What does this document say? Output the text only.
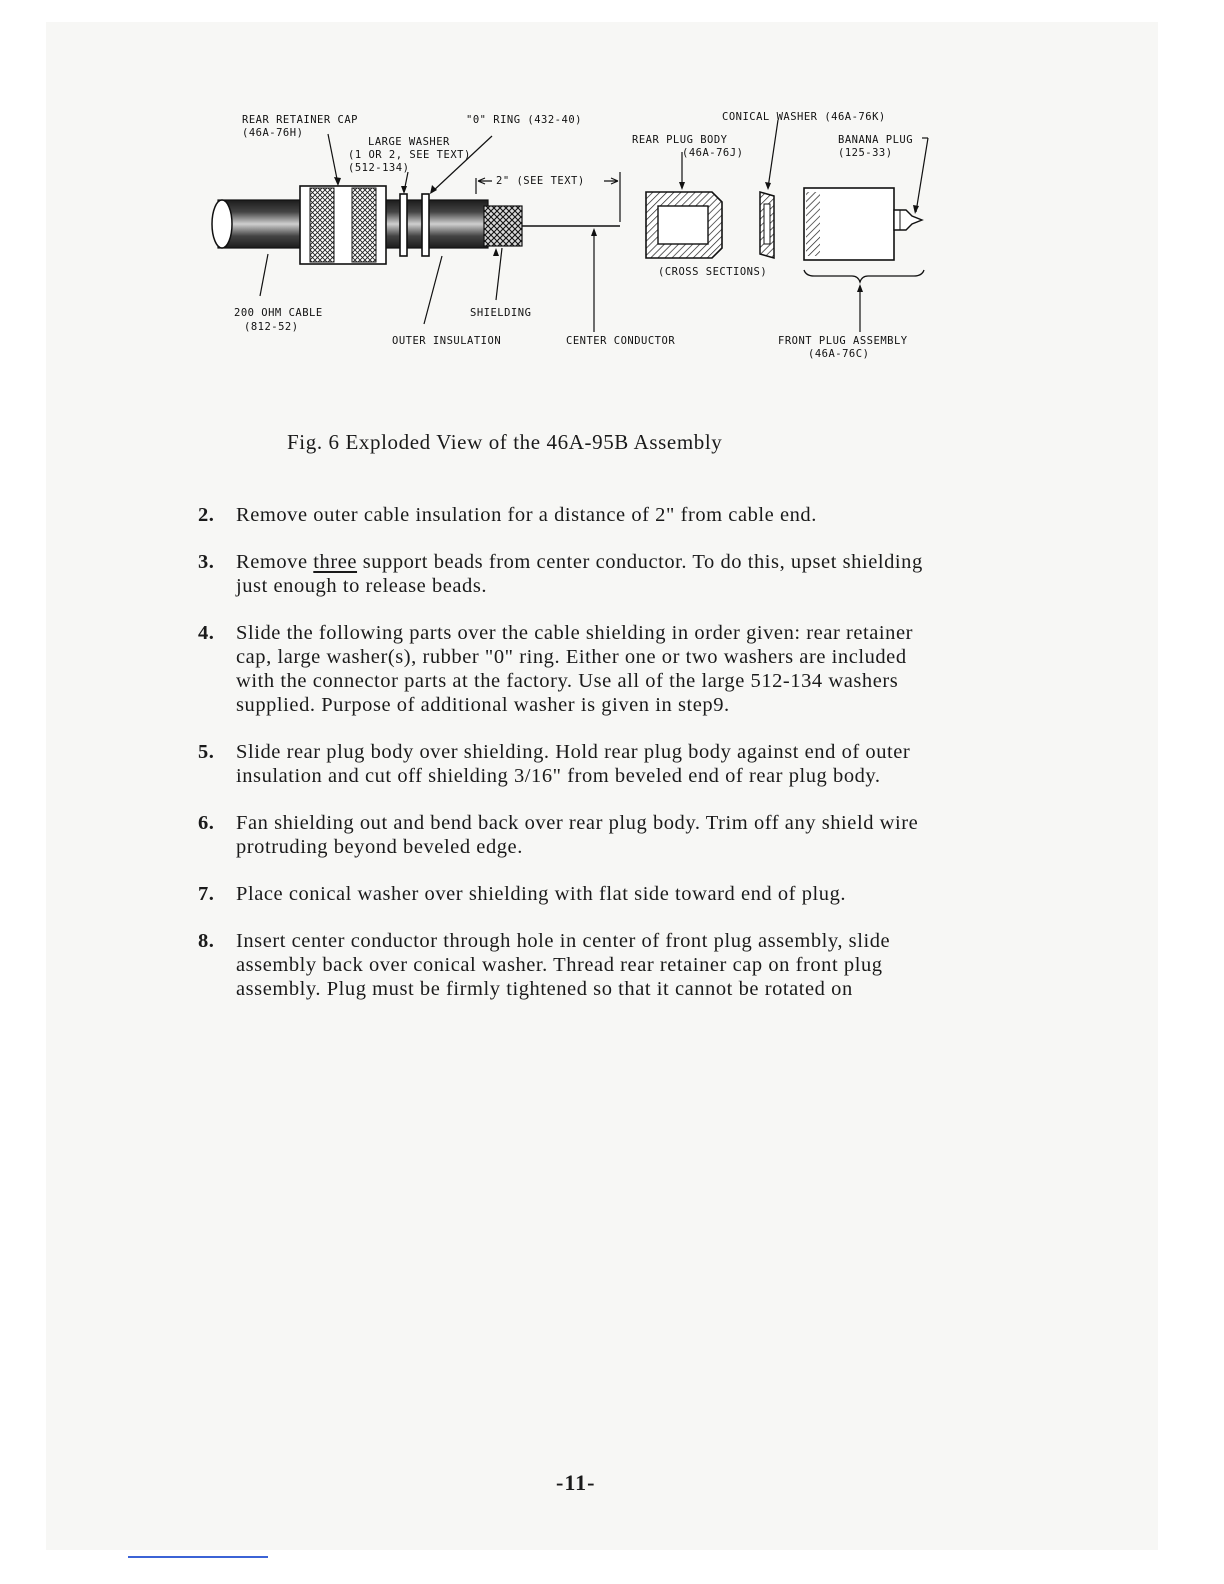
REAR RETAINER CAP
(46A-76H)
"0" RING (432-40)
LARGE WASHER
(1 OR 2, SEE TEXT)
(512-134)
2" (SEE TEXT)
CONICAL WASHER (46A-76K)
REAR PLUG BODY
(46A-76J)
BANANA PLUG
(125-33)
(CROSS SECTIONS)
200 OHM CABLE
(812-52)
SHIELDING
OUTER INSULATION	CENTER CONDUCTOR	FRONT PLUG ASSEMBLY
(46A-76C)
Fig. 6 Exploded View of the 46A-95B Assembly
2. Remove outer cable insulation for a distance of 2" from cable end.
3. Remove three support beads from center conductor. To do this, upset shielding just enough to release beads.
4. Slide the following parts over the cable shielding in order given: rear retainer cap, large washer(s), rubber "0" ring. Either one or two washers are included with the connector parts at the factory. Use all of the large 512-134 washers supplied. Purpose of additional washer is given in step9.
5. Slide rear plug body over shielding. Hold rear plug body against end of outer insulation and cut off shielding 3/16" from beveled end of rear plug body.
6. Fan shielding out and bend back over rear plug body. Trim off any shield wire protruding beyond beveled edge.
7. Place conical washer over shielding with flat side toward end of plug.
8. Insert center conductor through hole in center of front plug assembly, slide assembly back over conical washer. Thread rear retainer cap on front plug assembly. Plug must be firmly tightened so that it cannot be rotated on
-11-
